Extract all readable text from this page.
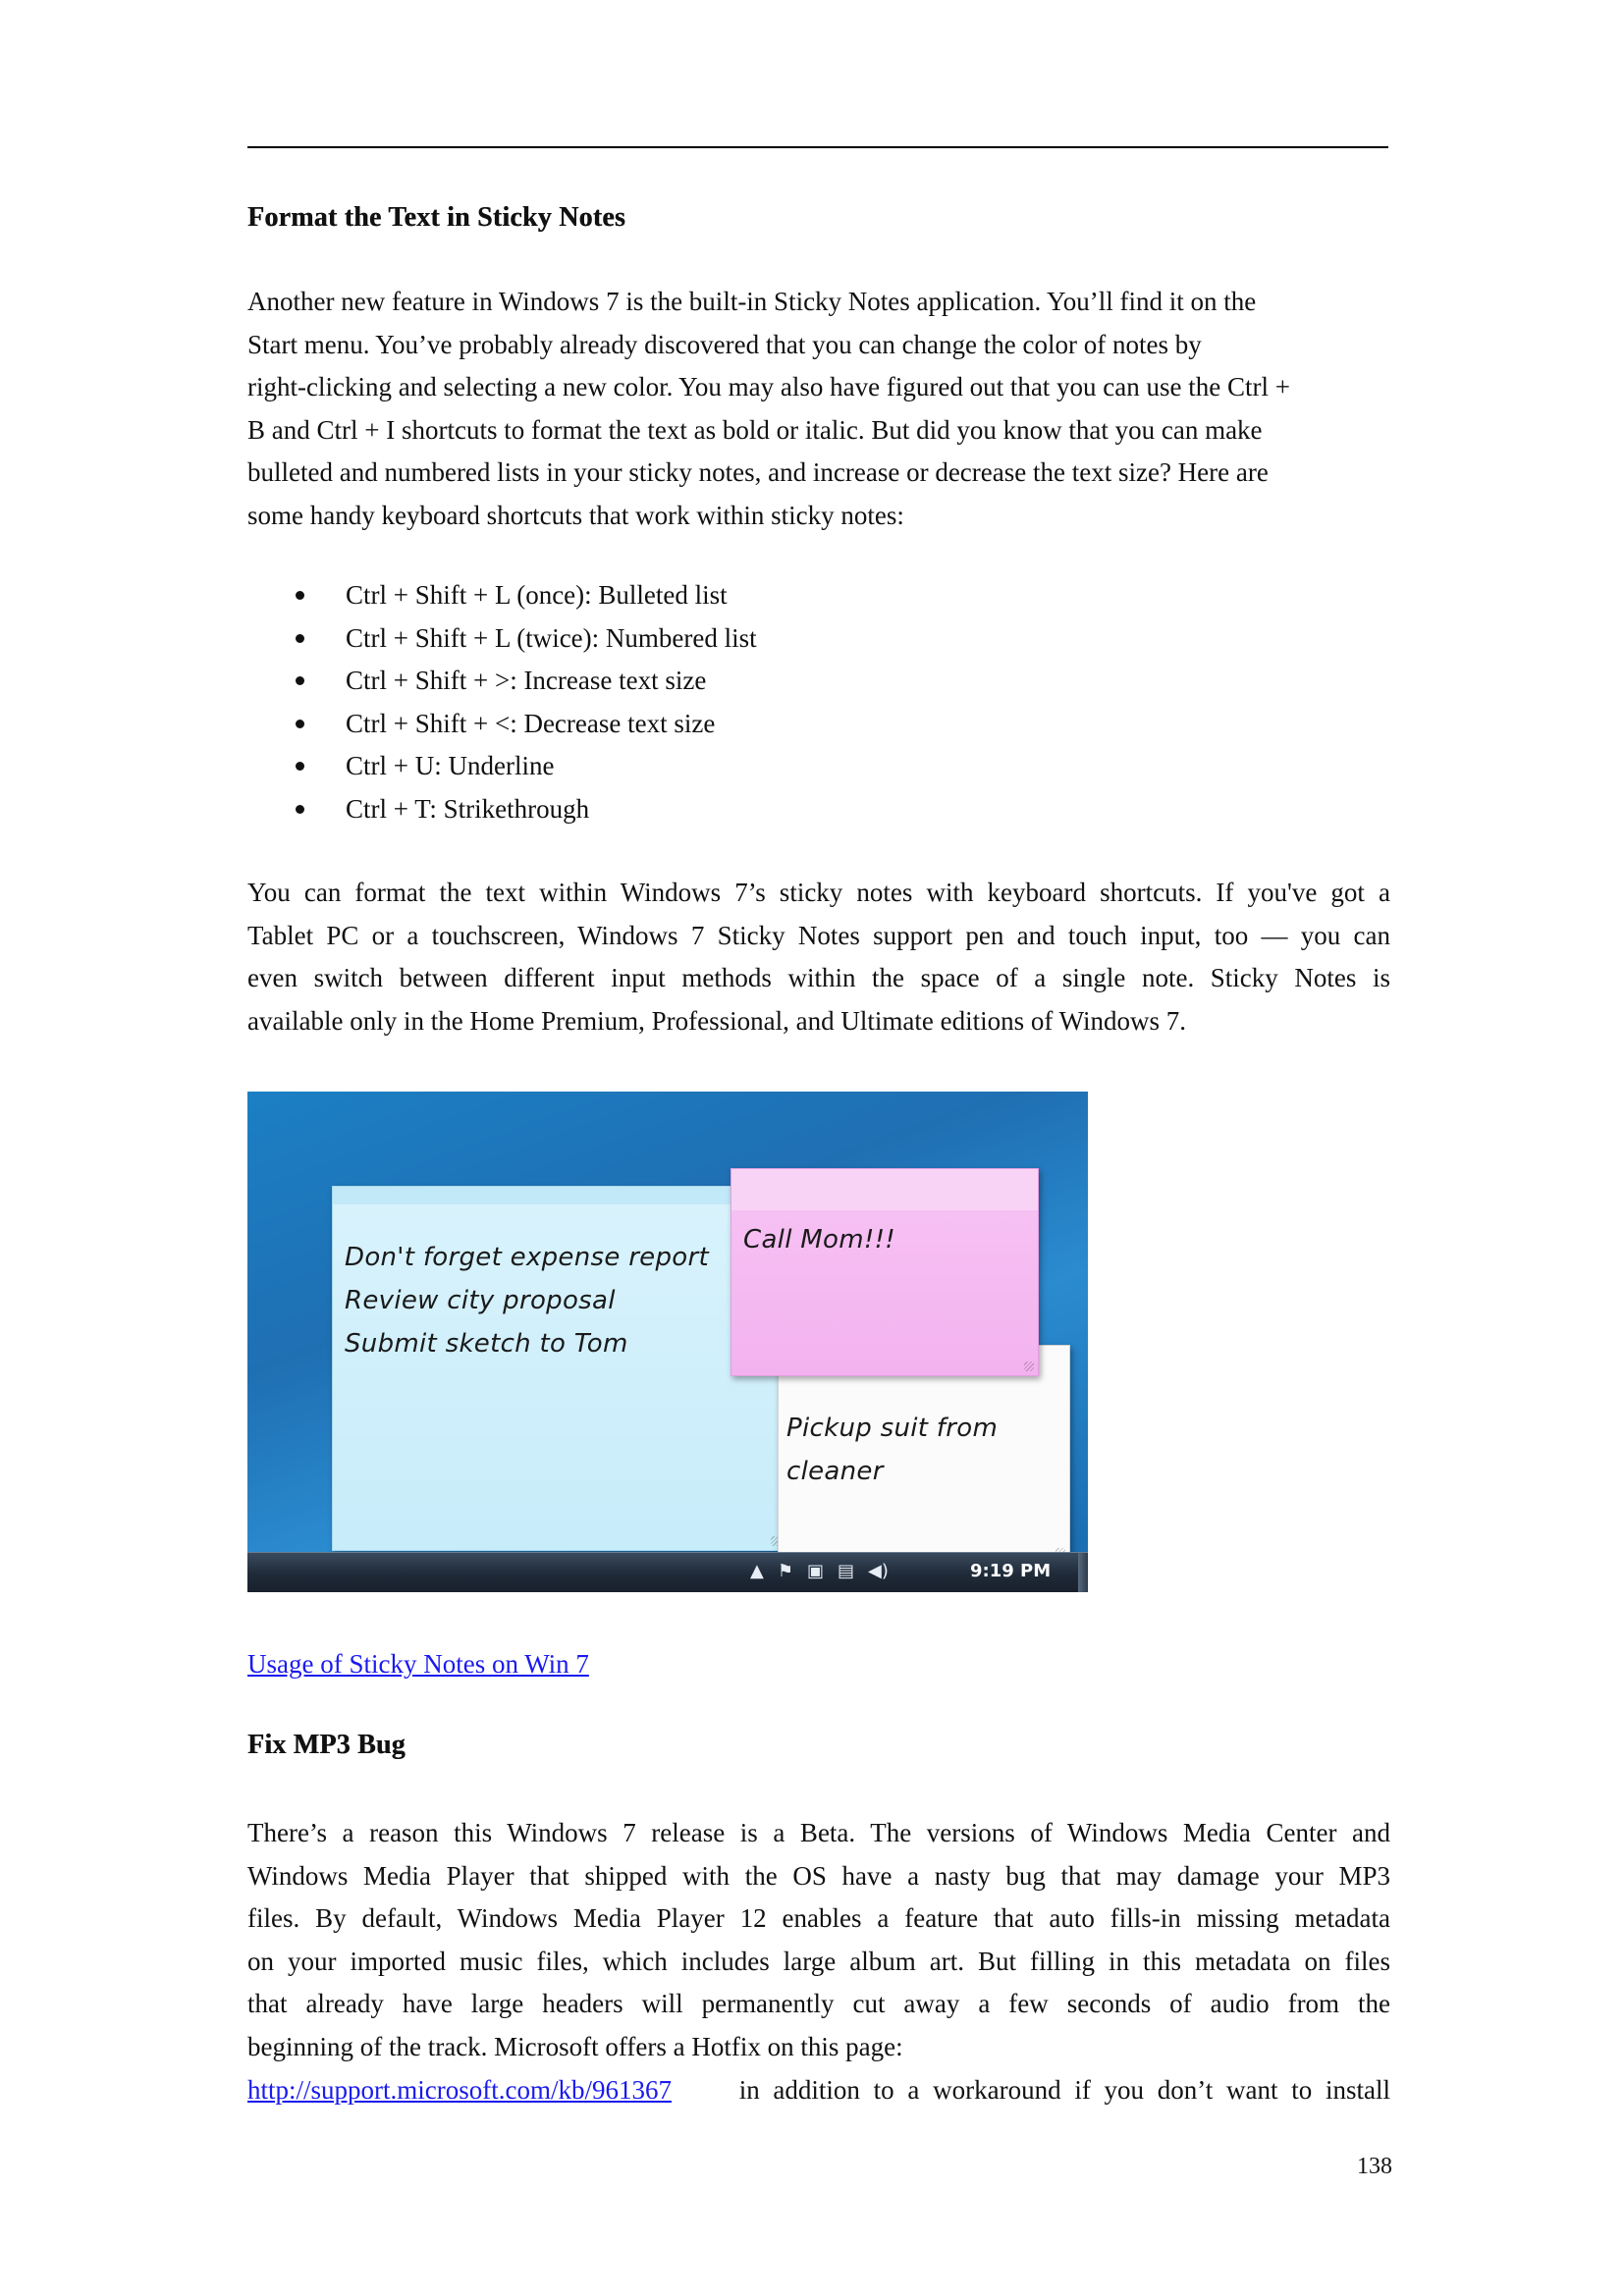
Format the Text in Sticky Notes

Another new feature in Windows 7 is the built-in Sticky Notes application. You’ll find it on the
Start menu. You’ve probably already discovered that you can change the color of notes by
right-clicking and selecting a new color. You may also have figured out that you can use the Ctrl +
B and Ctrl + I shortcuts to format the text as bold or italic. But did you know that you can make
bulleted and numbered lists in your sticky notes, and increase or decrease the text size? Here are
some handy keyboard shortcuts that work within sticky notes:

Ctrl + Shift + L (once): Bulleted list
Ctrl + Shift + L (twice): Numbered list
Ctrl + Shift + >: Increase text size
Ctrl + Shift + <: Decrease text size
Ctrl + U: Underline
Ctrl + T: Strikethrough

You can format the text within Windows 7’s sticky notes with keyboard shortcuts. If you've got a
Tablet PC or a touchscreen, Windows 7 Sticky Notes support pen and touch input, too — you can
even switch between different input methods within the space of a single note. Sticky Notes is
available only in the Home Premium, Professional, and Ultimate editions of Windows 7.

Don't forget expense report
Review city proposal
Submit sketch to Tom
Pickup suit from
cleaner
Call Mom!!!
▲ ⚑ ▣ ▤ ◀)	9:19 PM
Usage of Sticky Notes on Win 7
Fix MP3 Bug

There’s a reason this Windows 7 release is a Beta. The versions of Windows Media Center and
Windows Media Player that shipped with the OS have a nasty bug that may damage your MP3
files. By default, Windows Media Player 12 enables a feature that auto fills-in missing metadata
on your imported music files, which includes large album art. But filling in this metadata on files
that already have large headers will permanently cut away a few seconds of audio from the
beginning of the track. Microsoft offers a Hotfix on this page:
http://support.microsoft.com/kb/961367	in addition to a workaround if you don’t want to install

138
